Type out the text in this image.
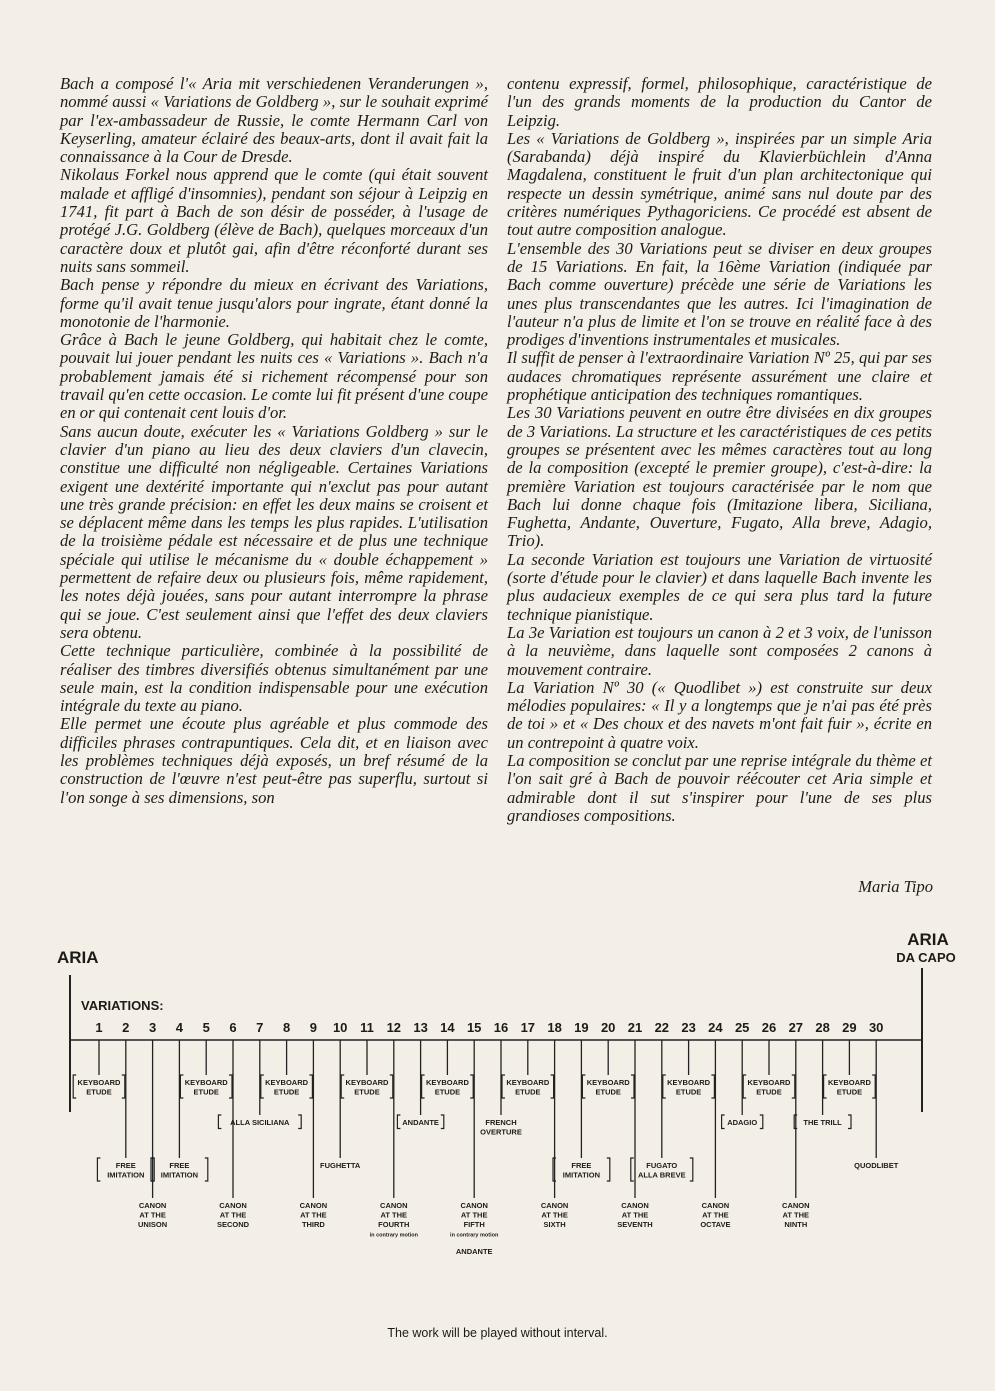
Bach a composé l'« Aria mit verschiedenen Veranderungen », nommé aussi « Variations de Goldberg », sur le souhait exprimé par l'ex-ambassadeur de Russie, le comte Hermann Carl von Keyserling, amateur éclairé des beaux-arts, dont il avait fait la connaissance à la Cour de Dresde.

Nikolaus Forkel nous apprend que le comte (qui était souvent malade et affligé d'insomnies), pendant son séjour à Leipzig en 1741, fit part à Bach de son désir de posséder, à l'usage de protégé J.G. Goldberg (élève de Bach), quelques morceaux d'un caractère doux et plutôt gai, afin d'être réconforté durant ses nuits sans sommeil.

Bach pense y répondre du mieux en écrivant des Variations, forme qu'il avait tenue jusqu'alors pour ingrate, étant donné la monotonie de l'harmonie.

Grâce à Bach le jeune Goldberg, qui habitait chez le comte, pouvait lui jouer pendant les nuits ces « Variations ». Bach n'a probablement jamais été si richement récompensé pour son travail qu'en cette occasion. Le comte lui fit présent d'une coupe en or qui contenait cent louis d'or.

Sans aucun doute, exécuter les « Variations Goldberg » sur le clavier d'un piano au lieu des deux claviers d'un clavecin, constitue une difficulté non négligeable. Certaines Variations exigent une dextérité importante qui n'exclut pas pour autant une très grande précision: en effet les deux mains se croisent et se déplacent même dans les temps les plus rapides. L'utilisation de la troisième pédale est nécessaire et de plus une technique spéciale qui utilise le mécanisme du « double échappement » permettent de refaire deux ou plusieurs fois, même rapidement, les notes déjà jouées, sans pour autant interrompre la phrase qui se joue. C'est seulement ainsi que l'effet des deux claviers sera obtenu.

Cette technique particulière, combinée à la possibilité de réaliser des timbres diversifiés obtenus simultanément par une seule main, est la condition indispensable pour une exécution intégrale du texte au piano.

Elle permet une écoute plus agréable et plus commode des difficiles phrases contrapuntiques. Cela dit, et en liaison avec les problèmes techniques déjà exposés, un bref résumé de la construction de l'œuvre n'est peut-être pas superflu, surtout si l'on songe à ses dimensions, son

contenu expressif, formel, philosophique, caractéristique de l'un des grands moments de la production du Cantor de Leipzig.

Les « Variations de Goldberg », inspirées par un simple Aria (Sarabanda) déjà inspiré du Klavierbüchlein d'Anna Magdalena, constituent le fruit d'un plan architectonique qui respecte un dessin symétrique, animé sans nul doute par des critères numériques Pythagoriciens. Ce procédé est absent de tout autre composition analogue.

L'ensemble des 30 Variations peut se diviser en deux groupes de 15 Variations. En fait, la 16ème Variation (indiquée par Bach comme ouverture) précède une série de Variations les unes plus transcendantes que les autres. Ici l'imagination de l'auteur n'a plus de limite et l'on se trouve en réalité face à des prodiges d'inventions instrumentales et musicales.

Il suffit de penser à l'extraordinaire Variation Nº 25, qui par ses audaces chromatiques représente assurément une claire et prophétique anticipation des techniques romantiques.

Les 30 Variations peuvent en outre être divisées en dix groupes de 3 Variations. La structure et les caractéristiques de ces petits groupes se présentent avec les mêmes caractères tout au long de la composition (excepté le premier groupe), c'est-à-dire: la première Variation est toujours caractérisée par le nom que Bach lui donne chaque fois (Imitazione libera, Siciliana, Fughetta, Andante, Ouverture, Fugato, Alla breve, Adagio, Trio).

La seconde Variation est toujours une Variation de virtuosité (sorte d'étude pour le clavier) et dans laquelle Bach invente les plus audacieux exemples de ce qui sera plus tard la future technique pianistique.

La 3e Variation est toujours un canon à 2 et 3 voix, de l'unisson à la neuvième, dans laquelle sont composées 2 canons à mouvement contraire.

La Variation Nº 30 (« Quodlibet ») est construite sur deux mélodies populaires: « Il y a longtemps que je n'ai pas été près de toi » et « Des choux et des navets m'ont fait fuir », écrite en un contrepoint à quatre voix.

La composition se conclut par une reprise intégrale du thème et l'on sait gré à Bach de pouvoir réécouter cet Aria simple et admirable dont il sut s'inspirer pour l'une de ses plus grandioses compositions.

Maria Tipo
ARIA
ARIA
DA CAPO
VARIATIONS:
1 2 3 4 5 6 7 8 9 10 11 12 13 14 15 16 17 18 19 20 21 22 23 24 25 26 27 28 29 30
KEYBOARD
ETUDE
FREE
IMITATION
CANON
AT THE
UNISON
FREE
IMITATION
KEYBOARD
ETUDE
CANON
AT THE
SECOND
ALLA SICILIANA
KEYBOARD
ETUDE
CANON
AT THE
THIRD
FUGHETTA
KEYBOARD
ETUDE
CANON
AT THE
FOURTH
in contrary motion
ANDANTE
KEYBOARD
ETUDE
CANON
AT THE
FIFTH
in contrary motion
ANDANTE
FRENCH
OVERTURE
KEYBOARD
ETUDE
CANON
AT THE
SIXTH
FREE
IMITATION
KEYBOARD
ETUDE
CANON
AT THE
SEVENTH
FUGATO
ALLA BREVE
KEYBOARD
ETUDE
CANON
AT THE
OCTAVE
ADAGIO
KEYBOARD
ETUDE
CANON
AT THE
NINTH
THE TRILL
KEYBOARD
ETUDE
QUODLIBET
The work will be played without interval.
